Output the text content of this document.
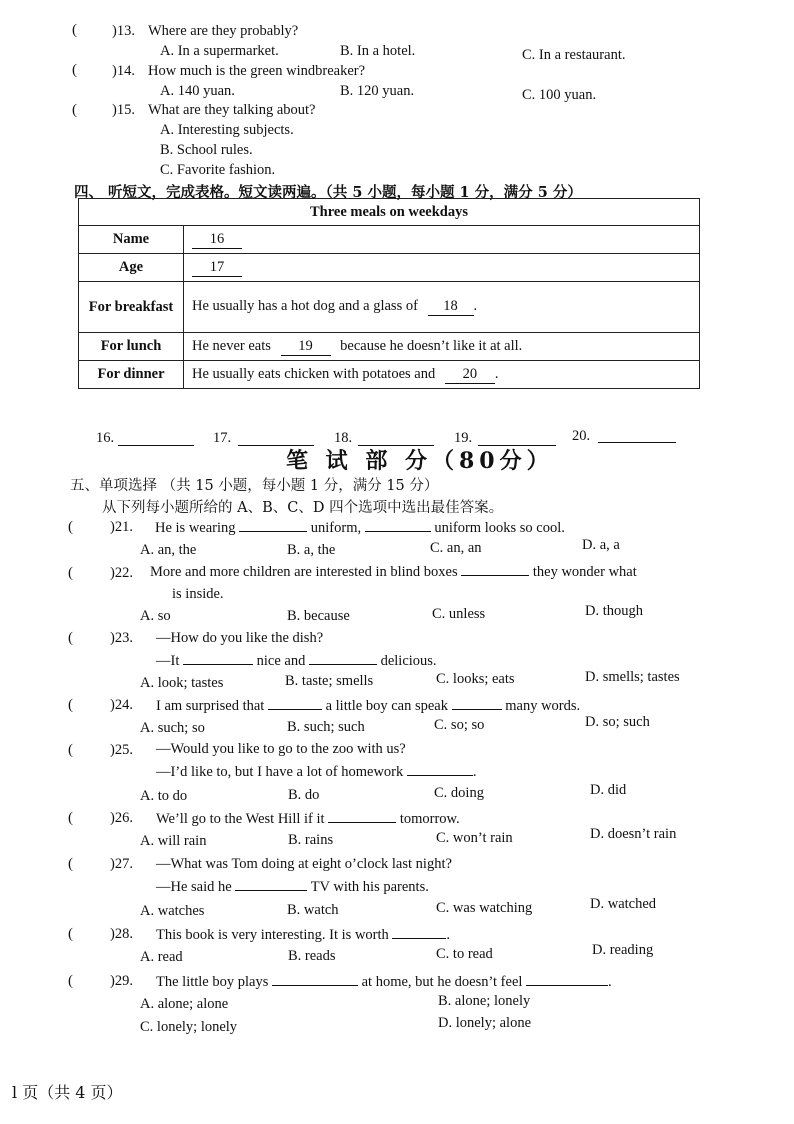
( )13. Where are they probably?
A. In a supermarket.	B. In a hotel.	C. In a restaurant.
( )14. How much is the green windbreaker?
A. 140 yuan.	B. 120 yuan.	C. 100 yuan.
( )15. What are they talking about?
A. Interesting subjects.
B. School rules.
C. Favorite fashion.
四、 听短文，完成表格。短文读两遍。（共 5 小题，每小题 1 分，满分 5 分）
Three meals on weekdays	
Name	16
Age	17
For breakfast	He usually has a hot dog and a glass of 18 .
For lunch	He never eats 19 because he doesn’t like it at all.
For dinner	He usually eats chicken with potatoes and 20 .
16.	17.	18.	19.	20.
笔 试 部 分（80分）
五、单项选择 （共 15 小题，每小题 1 分，满分 15 分）
从下列每小题所给的 A、B、C、D 四个选项中选出最佳答案。
(	)21. He is wearing	uniform,	uniform looks so cool.
A. an, the	B. a, the	C. an, an	D. a, a
(	)22. More and more children are interested in blind boxes	they wonder what
is inside.
A. so	B. because	C. unless	D. though
(	)23. —How do you like the dish?
—It	nice and	delicious.
A. look; tastes	B. taste; smells	C. looks; eats	D. smells; tastes
(	)24. I am surprised that	a little boy can speak	many words.
A. such; so	B. such; such	C. so; so	D. so; such
(	)25. —Would you like to go to the zoo with us?
—I’d like to, but I have a lot of homework	.
A. to do	B. do	C. doing	D. did
(	)26. We’ll go to the West Hill if it	tomorrow.
A. will rain	B. rains	C. won’t rain	D. doesn’t rain
(	)27. —What was Tom doing at eight o’clock last night?
—He said he	TV with his parents.
A. watches	B. watch	C. was watching	D. watched
(	)28. This book is very interesting. It is worth	.
A. read	B. reads	C. to read	D. reading
(	)29. The little boy plays	at home, but he doesn’t feel	.
A. alone; alone	B. alone; lonely
C. lonely; lonely	D. lonely; alone
l 页（共 4 页）
